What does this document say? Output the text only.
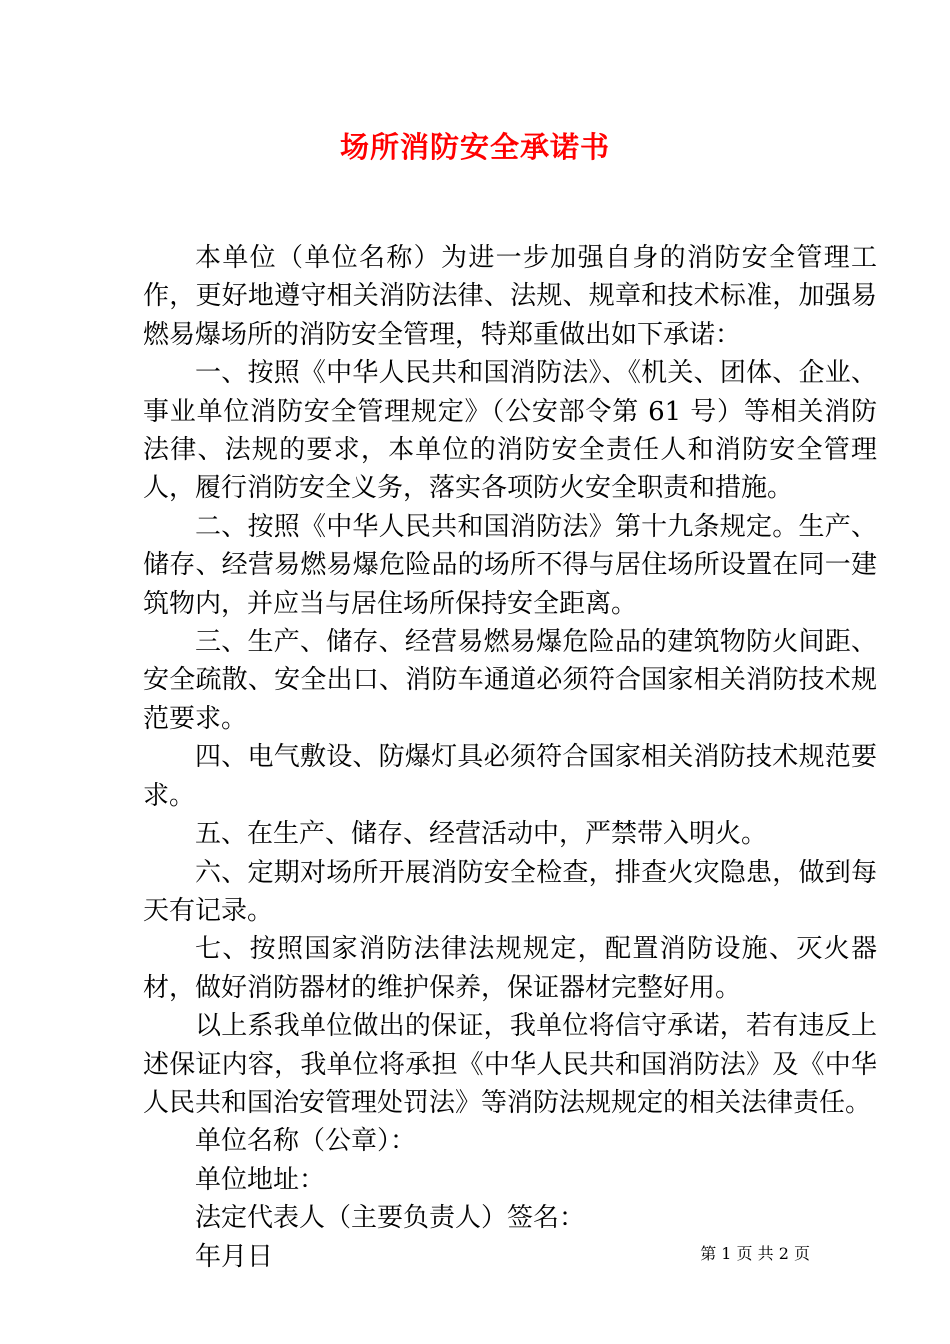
场所消防安全承诺书

本单位（单位名称）为进一步加强自身的消防安全管理工作，更好地遵守相关消防法律、法规、规章和技术标准，加强易燃易爆场所的消防安全管理，特郑重做出如下承诺：

一、按照《中华人民共和国消防法》、《机关、团体、企业、事业单位消防安全管理规定》（公安部令第 61 号）等相关消防法律、法规的要求，本单位的消防安全责任人和消防安全管理人，履行消防安全义务，落实各项防火安全职责和措施。

二、按照《中华人民共和国消防法》第十九条规定。生产、储存、经营易燃易爆危险品的场所不得与居住场所设置在同一建筑物内，并应当与居住场所保持安全距离。

三、生产、储存、经营易燃易爆危险品的建筑物防火间距、安全疏散、安全出口、消防车通道必须符合国家相关消防技术规范要求。

四、电气敷设、防爆灯具必须符合国家相关消防技术规范要求。

五、在生产、储存、经营活动中，严禁带入明火。

六、定期对场所开展消防安全检查，排查火灾隐患，做到每天有记录。

七、按照国家消防法律法规规定，配置消防设施、灭火器材，做好消防器材的维护保养，保证器材完整好用。

以上系我单位做出的保证，我单位将信守承诺，若有违反上述保证内容，我单位将承担《中华人民共和国消防法》及《中华人民共和国治安管理处罚法》等消防法规规定的相关法律责任。

单位名称（公章）：

单位地址：

法定代表人（主要负责人）签名：

年月日	第 1 页 共 2 页
